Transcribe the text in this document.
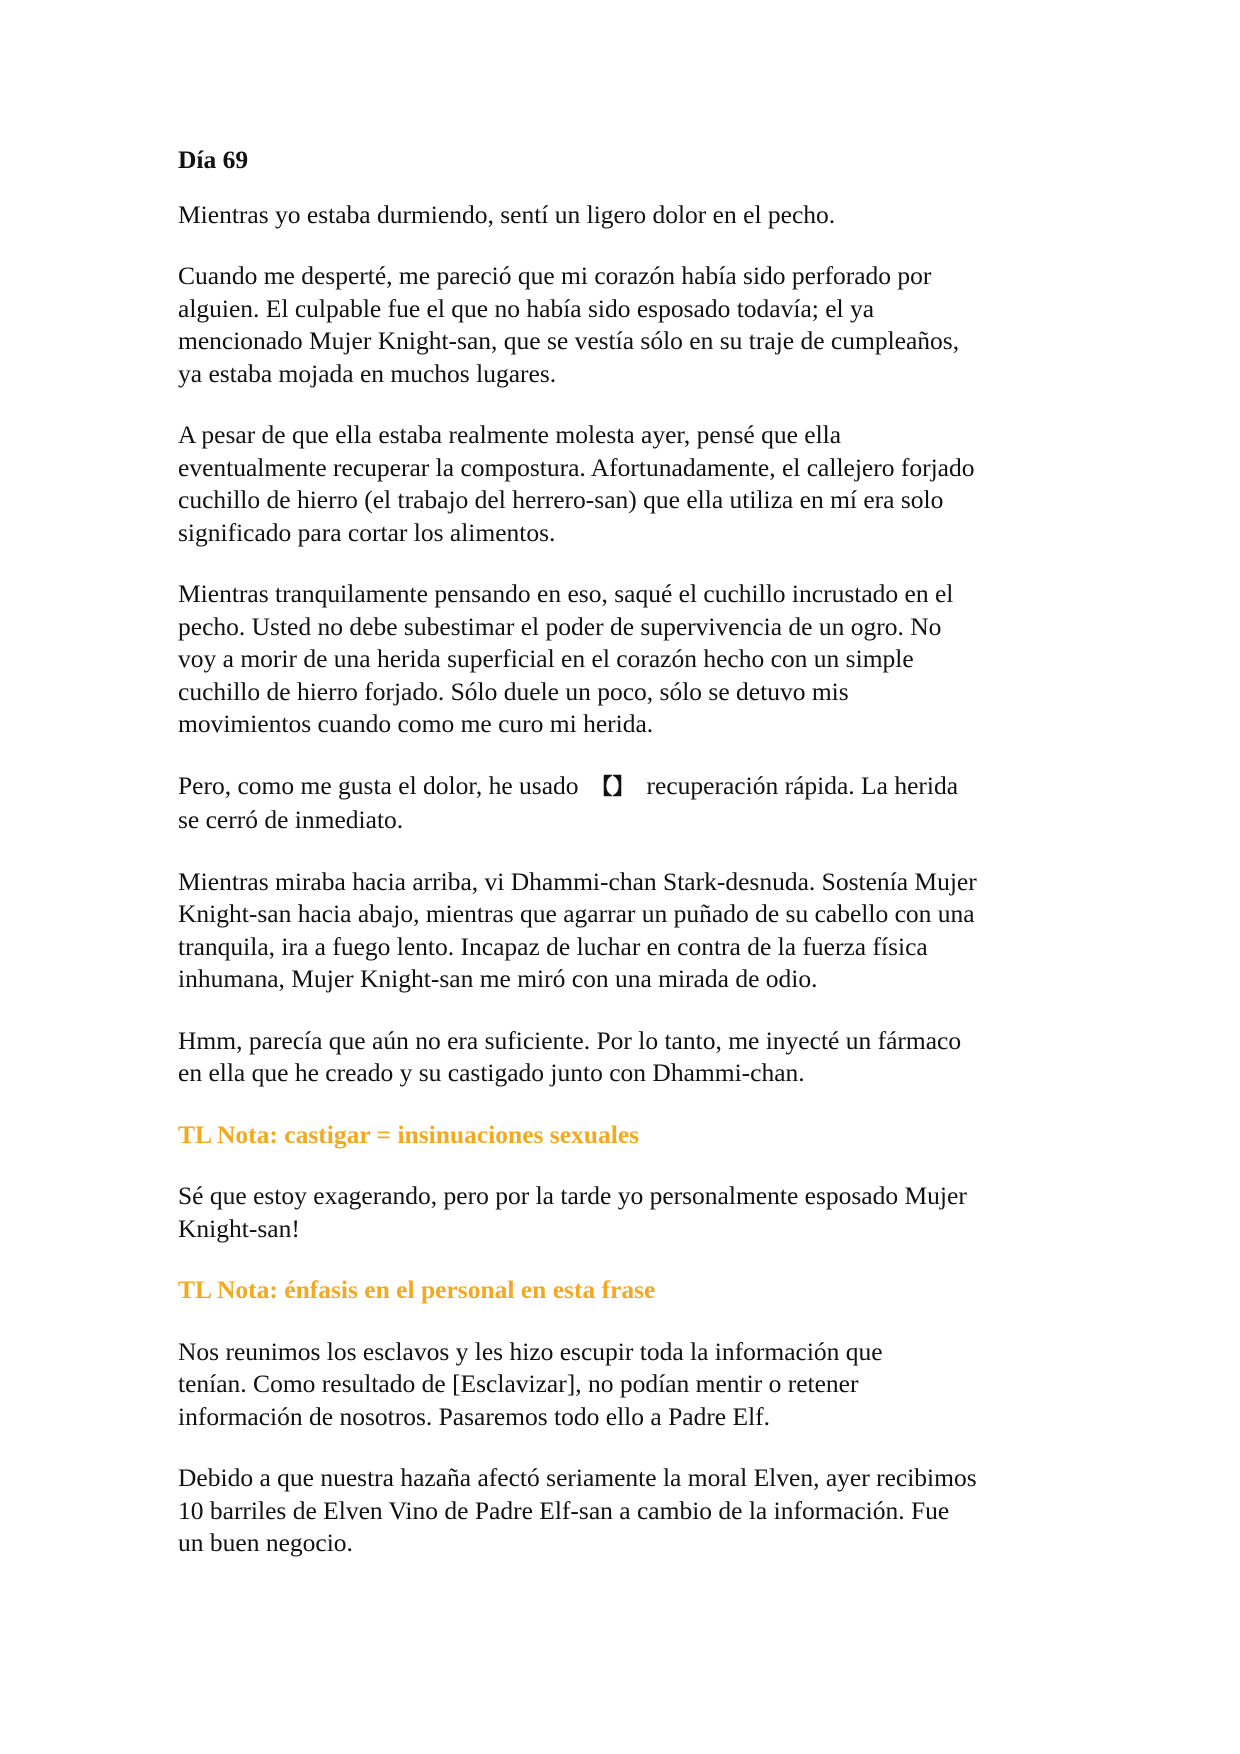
Día 69
Mientras yo estaba durmiendo, sentí un ligero dolor en el pecho.
Cuando me desperté, me pareció que mi corazón había sido perforado por
alguien. El culpable fue el que no había sido esposado todavía; el ya
mencionado Mujer Knight-san, que se vestía sólo en su traje de cumpleaños,
ya estaba mojada en muchos lugares.
A pesar de que ella estaba realmente molesta ayer, pensé que ella
eventualmente recuperar la compostura. Afortunadamente, el callejero forjado
cuchillo de hierro (el trabajo del herrero-san) que ella utiliza en mí era solo
significado para cortar los alimentos.
Mientras tranquilamente pensando en eso, saqué el cuchillo incrustado en el
pecho. Usted no debe subestimar el poder de supervivencia de un ogro. No
voy a morir de una herida superficial en el corazón hecho con un simple
cuchillo de hierro forjado. Sólo duele un poco, sólo se detuvo mis
movimientos cuando como me curo mi herida.
Pero, como me gusta el dolor, he usado 【】 recuperación rápida. La herida
se cerró de inmediato.
Mientras miraba hacia arriba, vi Dhammi-chan Stark-desnuda. Sostenía Mujer
Knight-san hacia abajo, mientras que agarrar un puñado de su cabello con una
tranquila, ira a fuego lento. Incapaz de luchar en contra de la fuerza física
inhumana, Mujer Knight-san me miró con una mirada de odio.
Hmm, parecía que aún no era suficiente. Por lo tanto, me inyecté un fármaco
en ella que he creado y su castigado junto con Dhammi-chan.
TL Nota: castigar = insinuaciones sexuales
Sé que estoy exagerando, pero por la tarde yo personalmente esposado Mujer
Knight-san!
TL Nota: énfasis en el personal en esta frase
Nos reunimos los esclavos y les hizo escupir toda la información que
tenían. Como resultado de [Esclavizar], no podían mentir o retener
información de nosotros. Pasaremos todo ello a Padre Elf.
Debido a que nuestra hazaña afectó seriamente la moral Elven, ayer recibimos
10 barriles de Elven Vino de Padre Elf-san a cambio de la información. Fue
un buen negocio.
